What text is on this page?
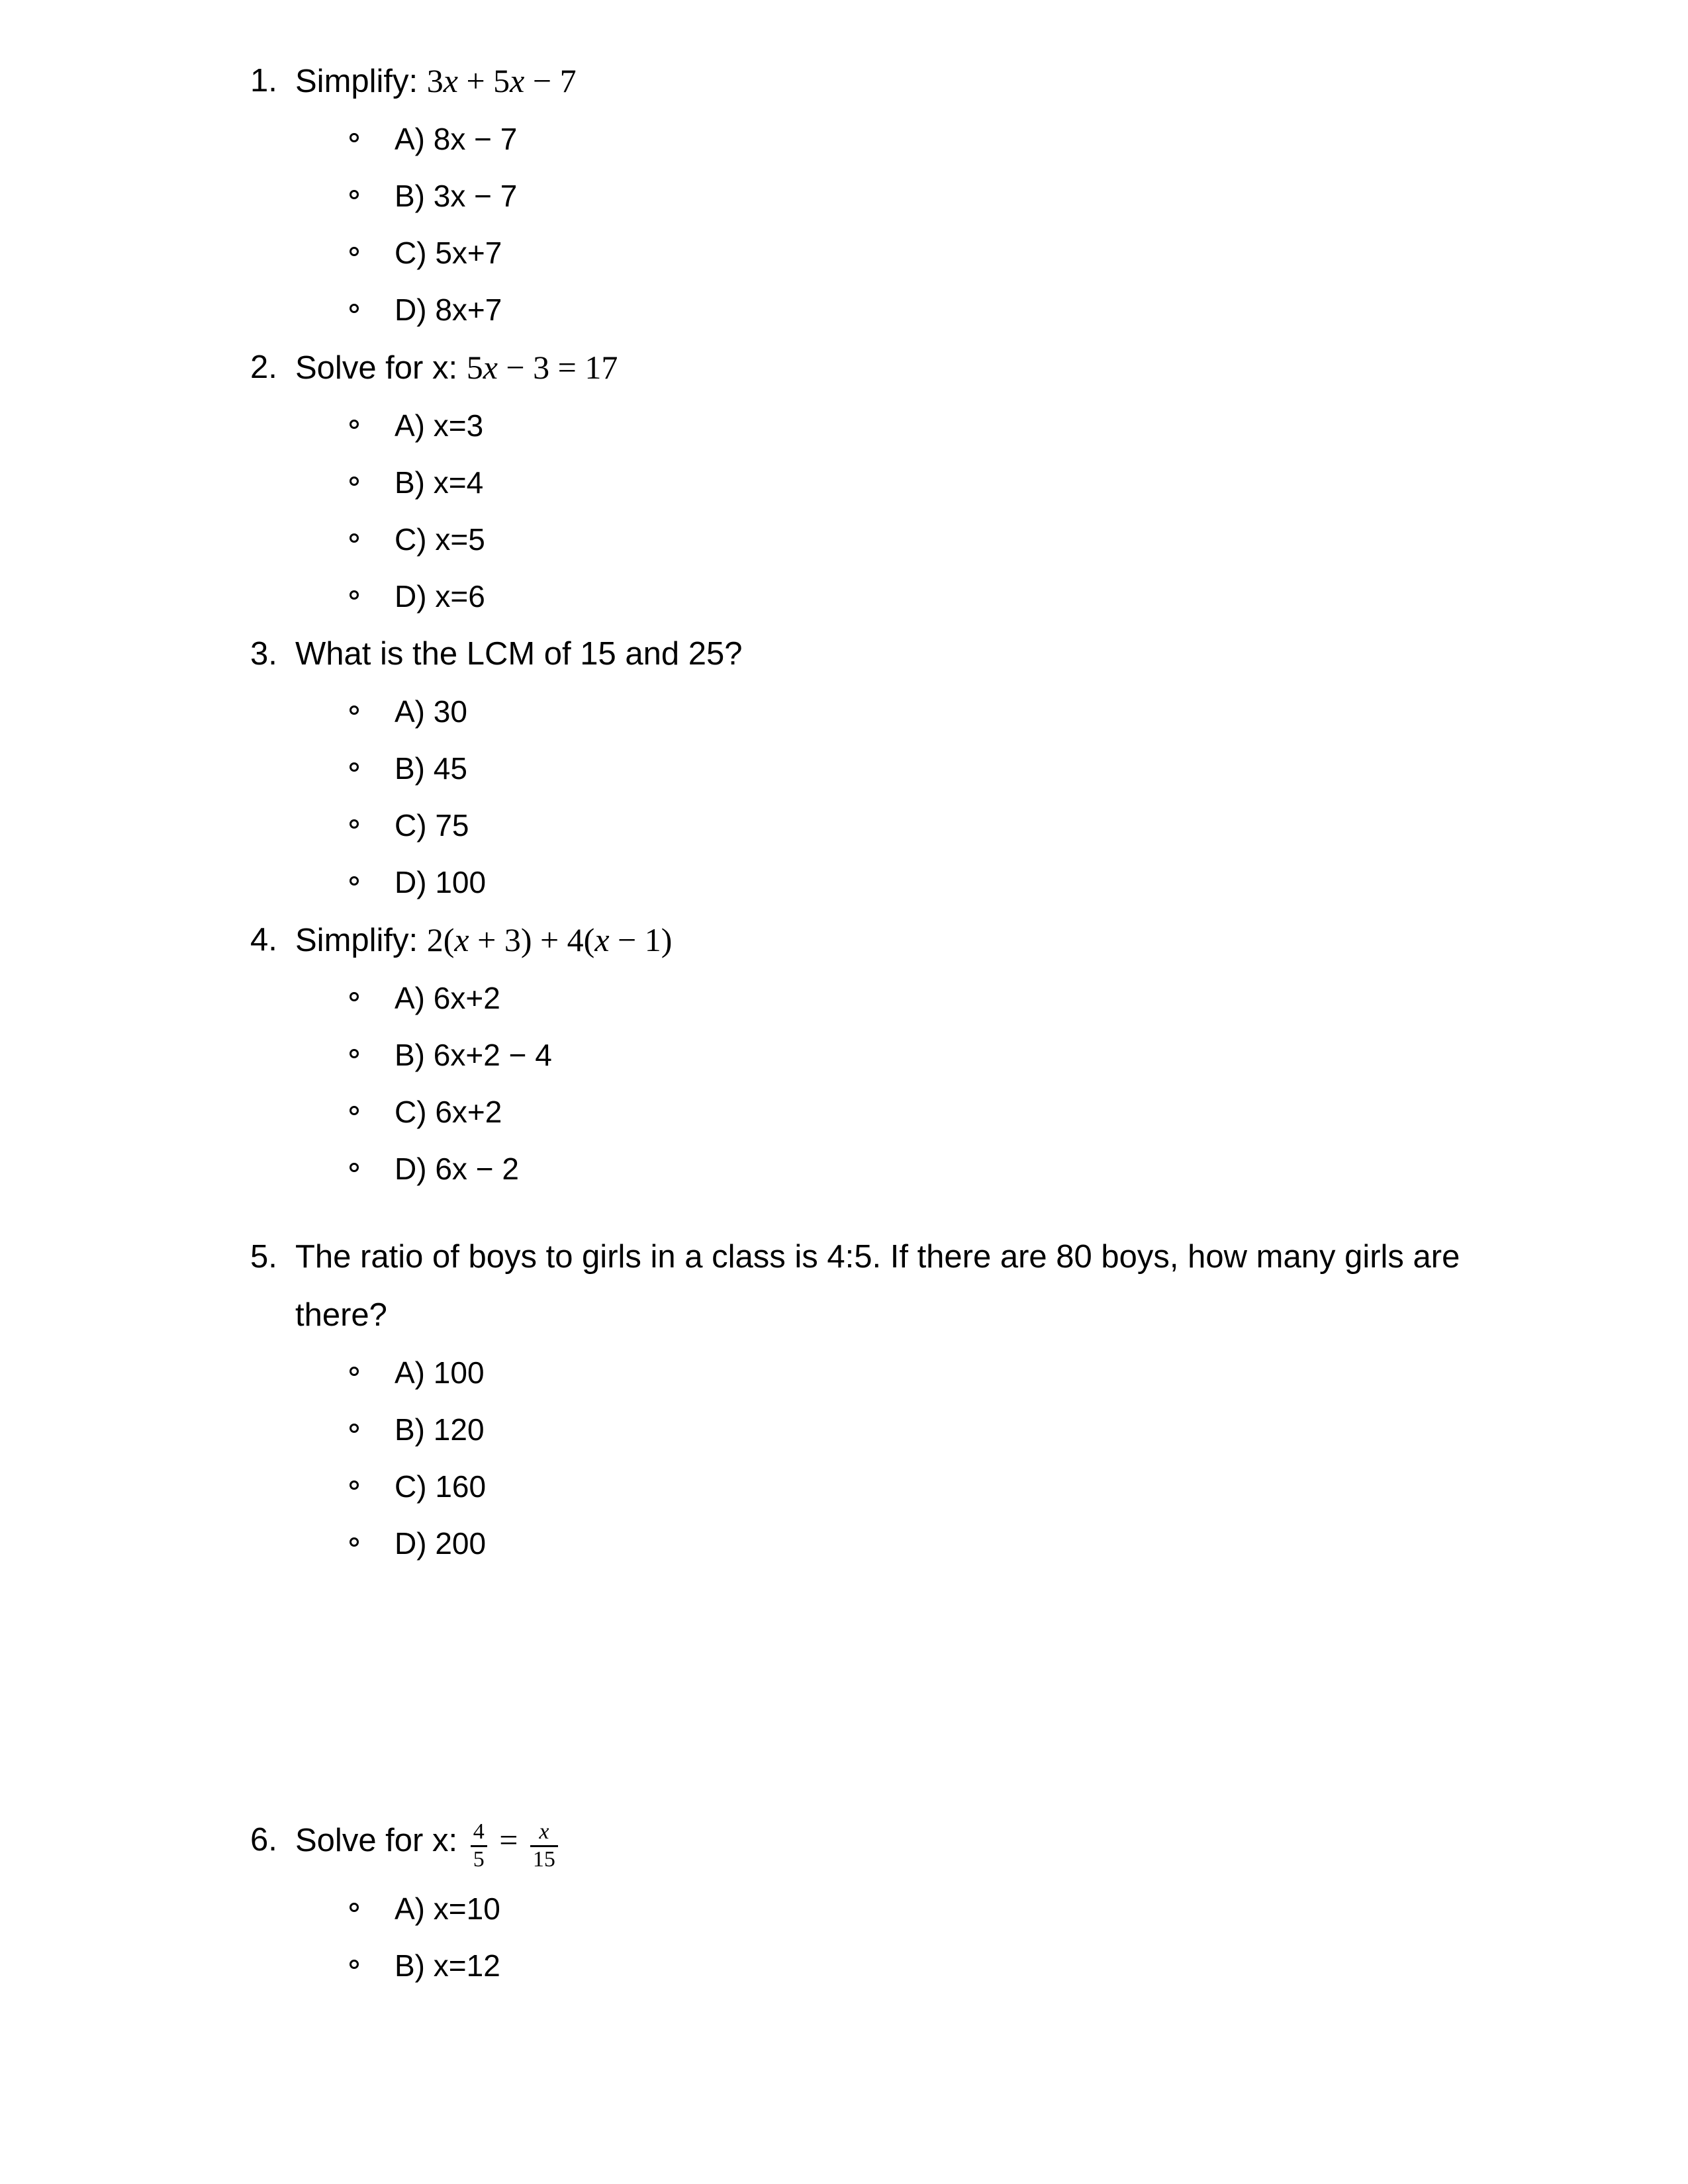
1. Simplify: 3x + 5x − 7
A) 8x − 7
B) 3x − 7
C) 5x+7
D) 8x+7
2. Solve for x: 5x − 3 = 17
A) x=3
B) x=4
C) x=5
D) x=6
3. What is the LCM of 15 and 25?
A) 30
B) 45
C) 75
D) 100
4. Simplify: 2(x + 3) + 4(x − 1)
A) 6x+2
B) 6x+2 − 4
C) 6x+2
D) 6x − 2
5. The ratio of boys to girls in a class is 4:5. If there are 80 boys, how many girls are there?
A) 100
B) 120
C) 160
D) 200
6. Solve for x: $\frac{4}{5} = \frac{x}{15}$
A) x=10
B) x=12
